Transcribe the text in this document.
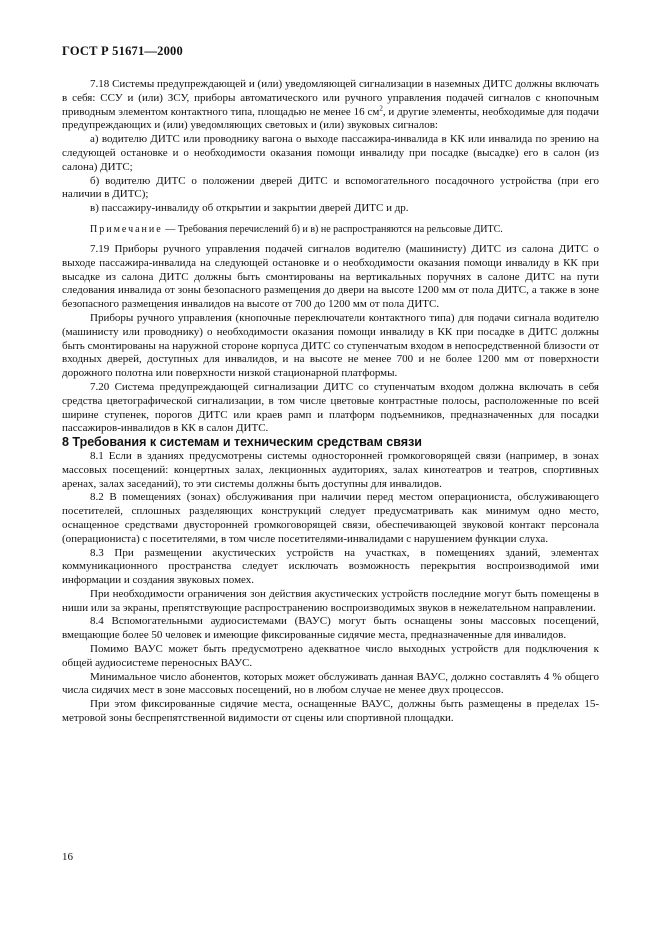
ГОСТ Р 51671—2000

7.18 Системы предупреждающей и (или) уведомляющей сигнализации в наземных ДИТС должны включать в себя: ССУ и (или) ЗСУ, приборы автоматического или ручного управления подачей сигналов с кнопочным приводным элементом контактного типа, площадью не менее 16 $см^2$, и другие элементы, необходимые для подачи предупреждающих и (или) уведомляющих световых и (или) звуковых сигналов:

а) водителю ДИТС или проводнику вагона о выходе пассажира-инвалида в КК или инвалида по зрению на следующей остановке и о необходимости оказания помощи инвалиду при посадке (высадке) его в салон (из салона) ДИТС;

б) водителю ДИТС о положении дверей ДИТС и вспомогательного посадочного устройства (при его наличии в ДИТС);

в) пассажиру-инвалиду об открытии и закрытии дверей ДИТС и др.

Примечание — Требования перечислений б) и в) не распространяются на рельсовые ДИТС.

7.19 Приборы ручного управления подачей сигналов водителю (машинисту) ДИТС из салона ДИТС о выходе пассажира-инвалида на следующей остановке и о необходимости оказания помощи инвалиду в КК при высадке из салона ДИТС должны быть смонтированы на вертикальных поручнях в салоне ДИТС на пути следования инвалида от зоны безопасного размещения до двери на высоте 1200 мм от пола ДИТС, а также в зоне безопасного размещения инвалидов на высоте от 700 до 1200 мм от пола ДИТС.

Приборы ручного управления (кнопочные переключатели контактного типа) для подачи сигнала водителю (машинисту или проводнику) о необходимости оказания помощи инвалиду в КК при посадке в ДИТС должны быть смонтированы на наружной стороне корпуса ДИТС со ступенчатым входом в непосредственной близости от входных дверей, доступных для инвалидов, и на высоте не менее 700 и не более 1200 мм от поверхности дорожного полотна или поверхности низкой стационарной платформы.

7.20 Система предупреждающей сигнализации ДИТС со ступенчатым входом должна включать в себя средства цветографической сигнализации, в том числе цветовые контрастные полосы, расположенные по всей ширине ступенек, порогов ДИТС или краев рамп и платформ подъемников, предназначенных для посадки пассажиров-инвалидов в КК в салон ДИТС.

8 Требования к системам и техническим средствам связи

8.1 Если в зданиях предусмотрены системы односторонней громкоговорящей связи (например, в зонах массовых посещений: концертных залах, лекционных аудиториях, залах кинотеатров и театров, спортивных аренах, залах заседаний), то эти системы должны быть доступны для инвалидов.

8.2 В помещениях (зонах) обслуживания при наличии перед местом операциониста, обслуживающего посетителей, сплошных разделяющих конструкций следует предусматривать как минимум одно место, оснащенное средствами двусторонней громкоговорящей связи, обеспечивающей звуковой контакт персонала (операциониста) с посетителями, в том числе посетителями-инвалидами с нарушением функции слуха.

8.3 При размещении акустических устройств на участках, в помещениях зданий, элементах коммуникационного пространства следует исключать возможность перекрытия воспроизводимой ими информации и создания звуковых помех.

При необходимости ограничения зон действия акустических устройств последние могут быть помещены в ниши или за экраны, препятствующие распространению воспроизводимых звуков в нежелательном направлении.

8.4 Вспомогательными аудиосистемами (ВАУС) могут быть оснащены зоны массовых посещений, вмещающие более 50 человек и имеющие фиксированные сидячие места, предназначенные для инвалидов.

Помимо ВАУС может быть предусмотрено адекватное число выходных устройств для подключения к общей аудиосистеме переносных ВАУС.

Минимальное число абонентов, которых может обслуживать данная ВАУС, должно составлять 4 % общего числа сидячих мест в зоне массовых посещений, но в любом случае не менее двух процессов.

При этом фиксированные сидячие места, оснащенные ВАУС, должны быть размещены в пределах 15-метровой зоны беспрепятственной видимости от сцены или спортивной площадки.

16
